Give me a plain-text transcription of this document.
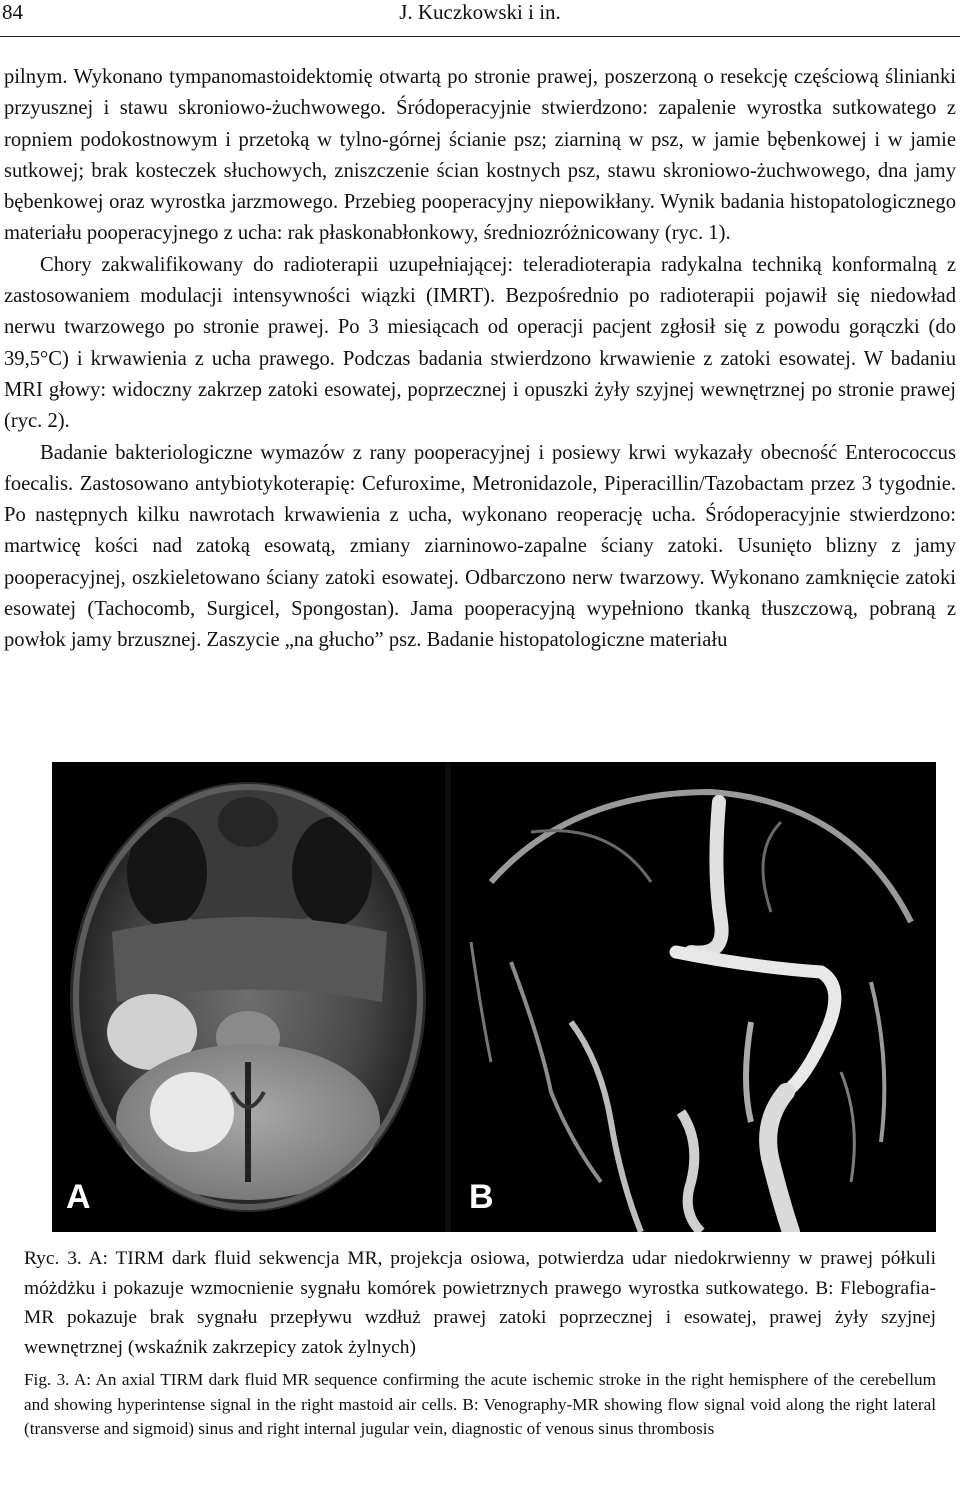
84	J. Kuczkowski i in.

pilnym. Wykonano tympanomastoidektomię otwartą po stronie prawej, poszerzoną o resekcję częściową ślinianki przyusznej i stawu skroniowo-żuchwowego. Śródoperacyjnie stwierdzono: zapalenie wyrostka sutkowatego z ropniem podokostnowym i przetoką w tylno-górnej ścianie psz; ziarniną w psz, w jamie bębenkowej i w jamie sutkowej; brak kosteczek słuchowych, zniszczenie ścian kostnych psz, stawu skroniowo-żuchwowego, dna jamy bębenkowej oraz wyrostka jarzmowego. Przebieg pooperacyjny niepowikłany. Wynik badania histopatologicznego materiału pooperacyjnego z ucha: rak płaskonabłonkowy, średniozróżnicowany (ryc. 1).

Chory zakwalifikowany do radioterapii uzupełniającej: teleradioterapia radykalna techniką konformalną z zastosowaniem modulacji intensywności wiązki (IMRT). Bezpośrednio po radioterapii pojawił się niedowład nerwu twarzowego po stronie prawej. Po 3 miesiącach od operacji pacjent zgłosił się z powodu gorączki (do 39,5°C) i krwawienia z ucha prawego. Podczas badania stwierdzono krwawienie z zatoki esowatej. W badaniu MRI głowy: widoczny zakrzep zatoki esowatej, poprzecznej i opuszki żyły szyjnej wewnętrznej po stronie prawej (ryc. 2).

Badanie bakteriologiczne wymazów z rany pooperacyjnej i posiewy krwi wykazały obecność Enterococcus foecalis. Zastosowano antybiotykoterapię: Cefuroxime, Metronidazole, Piperacillin/Tazobactam przez 3 tygodnie. Po następnych kilku nawrotach krwawienia z ucha, wykonano reoperację ucha. Śródoperacyjnie stwierdzono: martwicę kości nad zatoką esowatą, zmiany ziarninowo-zapalne ściany zatoki. Usunięto blizny z jamy pooperacyjnej, oszkieletowano ściany zatoki esowatej. Odbarczono nerw twarzowy. Wykonano zamknięcie zatoki esowatej (Tachocomb, Surgicel, Spongostan). Jama pooperacyjną wypełniono tkanką tłuszczową, pobraną z powłok jamy brzusznej. Zaszycie „na głucho” psz. Badanie histopatologiczne materiału

A	B
Ryc. 3. A: TIRM dark fluid sekwencja MR, projekcja osiowa, potwierdza udar niedokrwienny w prawej półkuli móżdżku i pokazuje wzmocnienie sygnału komórek powietrznych prawego wyrostka sutkowatego. B: Flebografia-MR pokazuje brak sygnału przepływu wzdłuż prawej zatoki poprzecznej i esowatej, prawej żyły szyjnej wewnętrznej (wskaźnik zakrzepicy zatok żylnych)
Fig. 3. A: An axial TIRM dark fluid MR sequence confirming the acute ischemic stroke in the right hemisphere of the cerebellum and showing hyperintense signal in the right mastoid air cells. B: Venography-MR showing flow signal void along the right lateral (transverse and sigmoid) sinus and right internal jugular vein, diagnostic of venous sinus thrombosis
